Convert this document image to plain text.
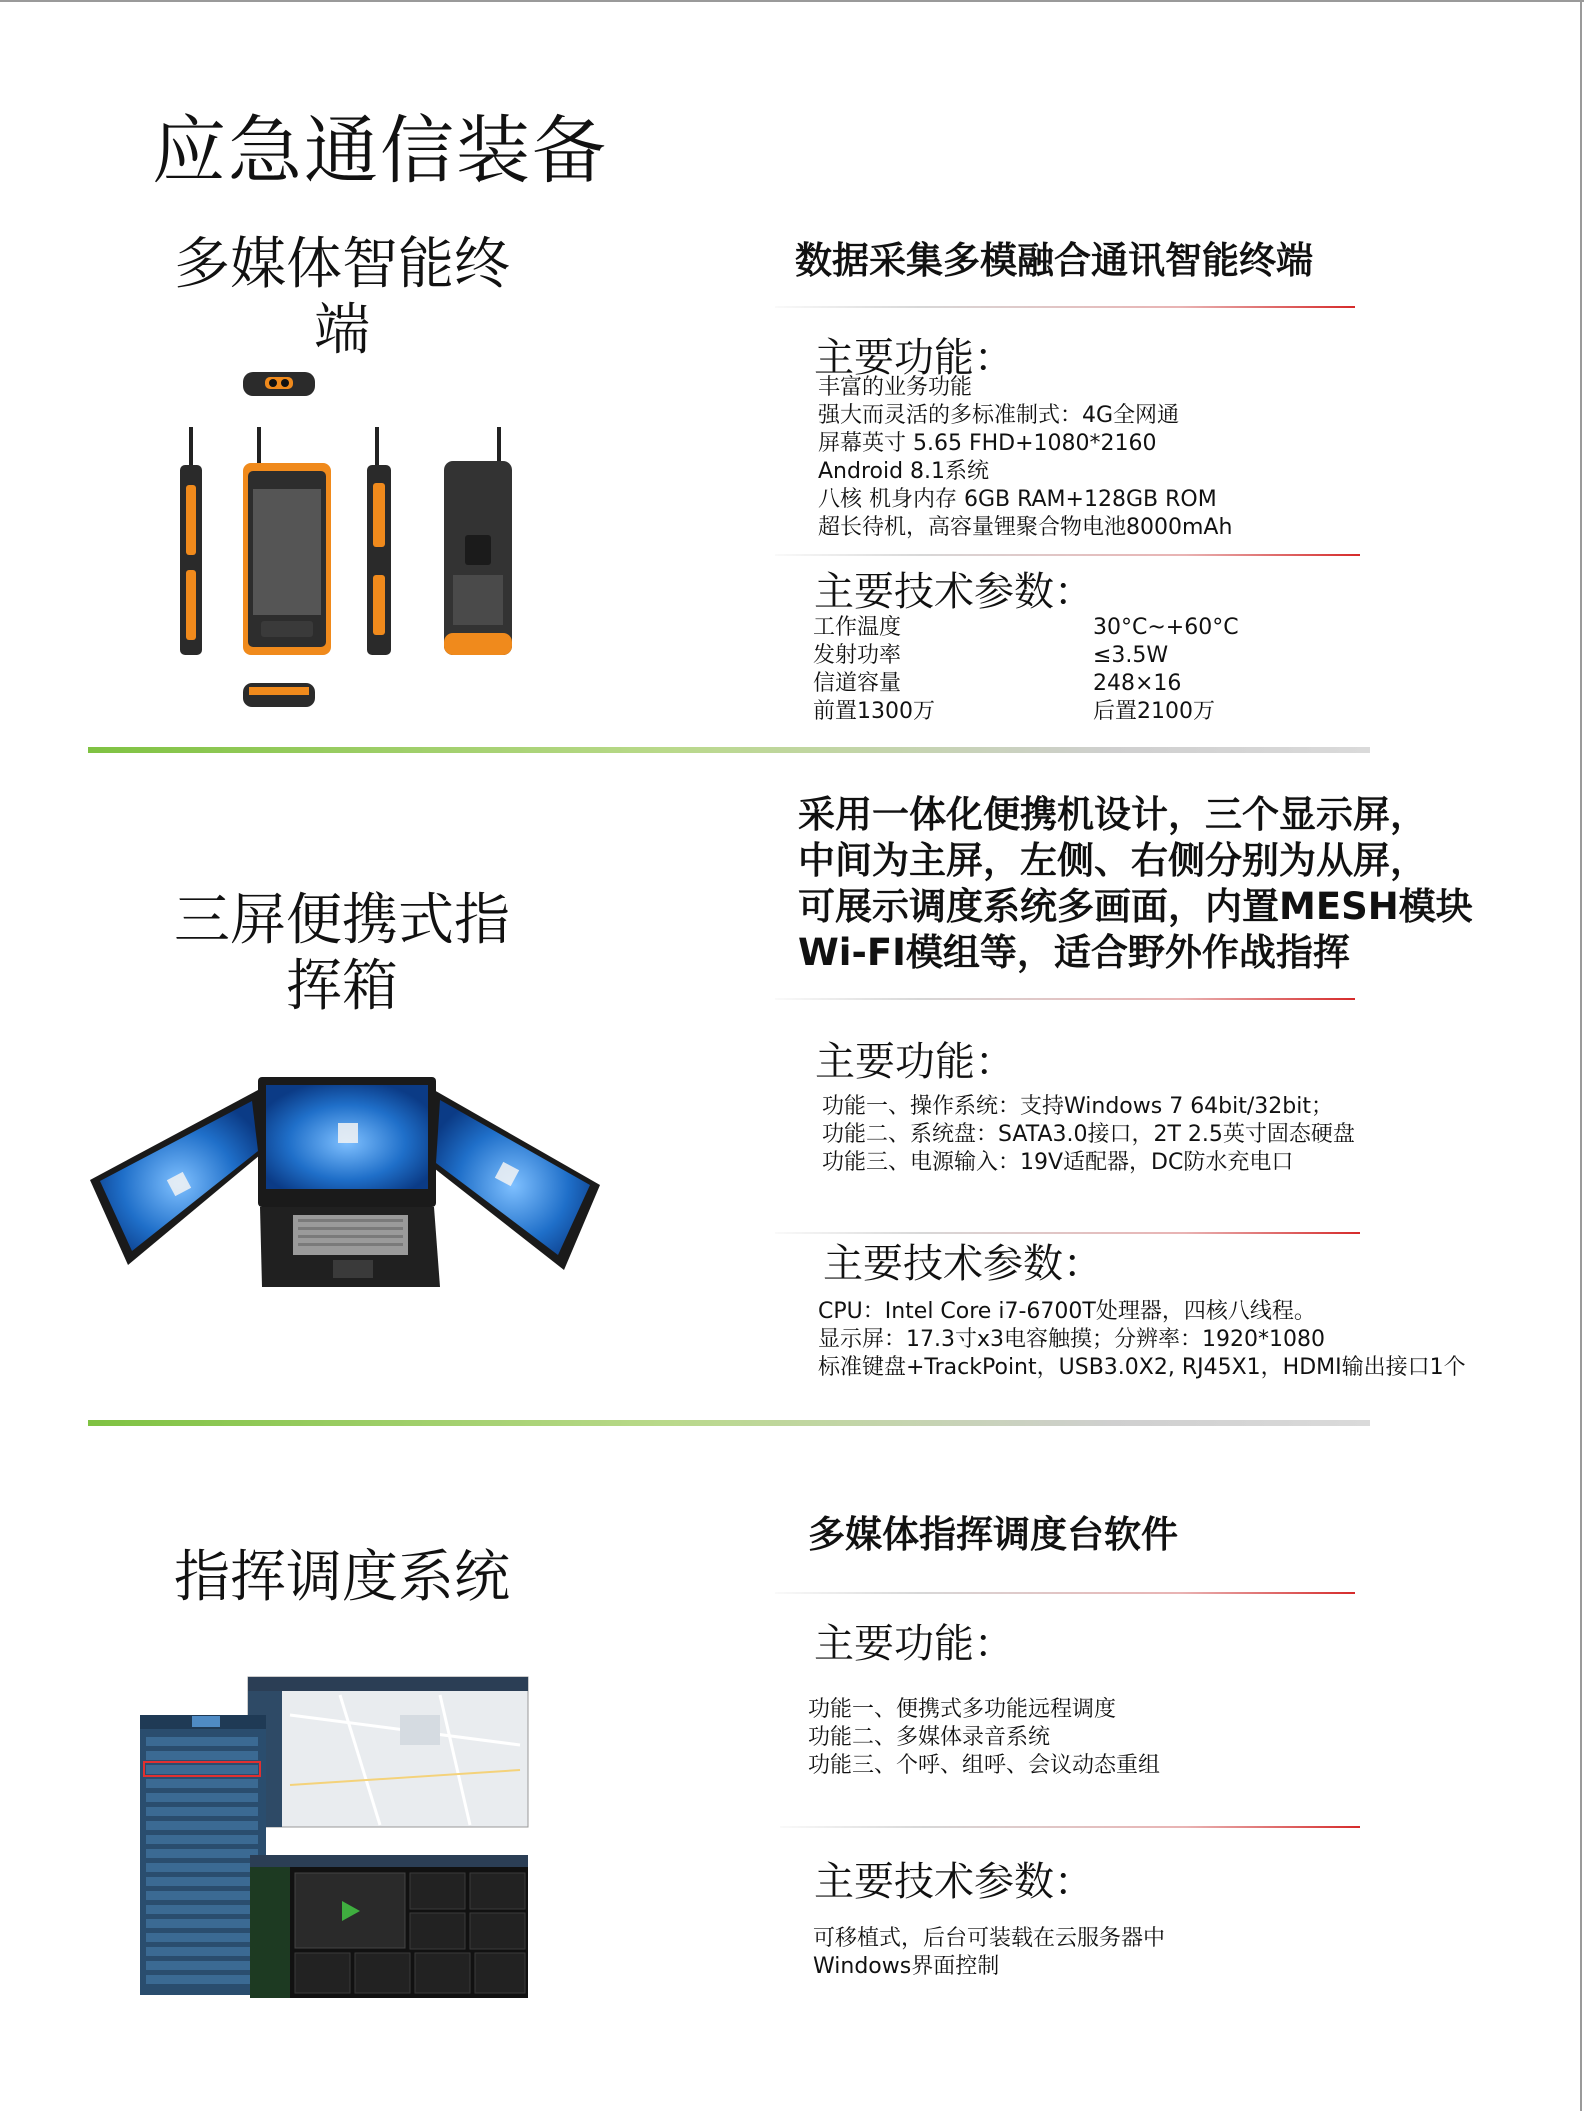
应急通信装备
多媒体智能终端
数据采集多模融合通讯智能终端
主要功能：
丰富的业务功能
强大而灵活的多标准制式：4G全网通
屏幕英寸 5.65 FHD+1080*2160
Android 8.1系统
八核 机身内存 6GB RAM+128GB ROM
超长待机，高容量锂聚合物电池8000mAh
主要技术参数：
工作温度	30°C~+60°C
发射功率	≤3.5W
信道容量	248×16
前置1300万	后置2100万
三屏便携式指挥箱
采用一体化便携机设计，三个显示屏，
中间为主屏，左侧、右侧分别为从屏，
可展示调度系统多画面，内置MESH模块
Wi-FI模组等，适合野外作战指挥
主要功能：
功能一、操作系统：支持Windows 7 64bit/32bit；
功能二、系统盘：SATA3.0接口，2T 2.5英寸固态硬盘
功能三、电源输入：19V适配器，DC防水充电口
主要技术参数：
CPU：Intel Core i7-6700T处理器，四核八线程。
显示屏：17.3寸x3电容触摸；分辨率：1920*1080
标准键盘+TrackPoint，USB3.0X2, RJ45X1，HDMI输出接口1个
指挥调度系统
多媒体指挥调度台软件
主要功能：
功能一、便携式多功能远程调度
功能二、多媒体录音系统
功能三、个呼、组呼、会议动态重组
主要技术参数：
可移植式，后台可装载在云服务器中
Windows界面控制
